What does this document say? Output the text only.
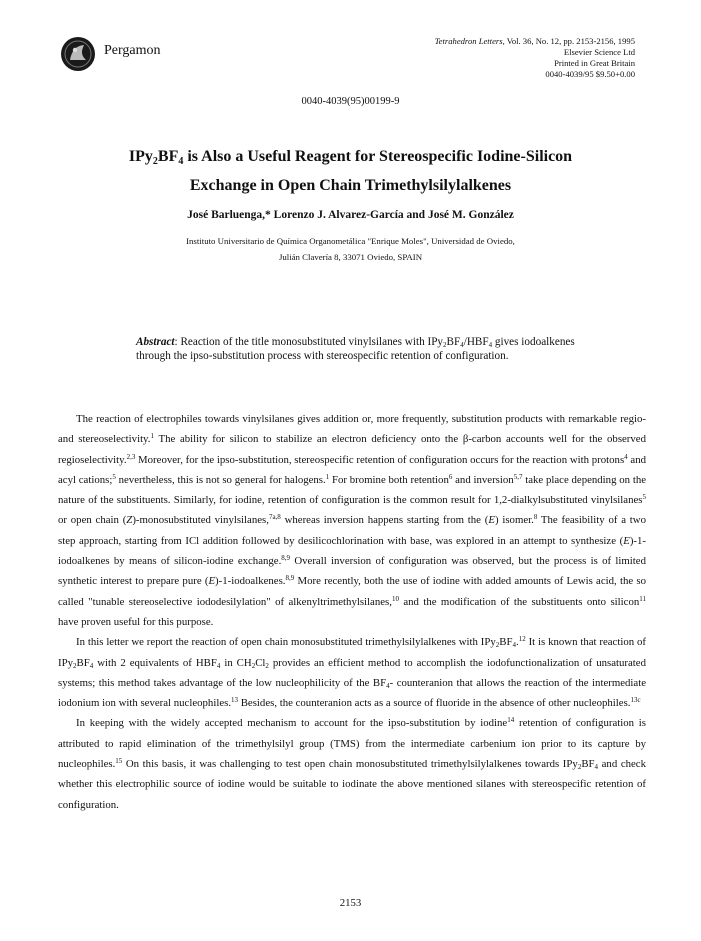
Pergamon
Tetrahedron Letters, Vol. 36, No. 12, pp. 2153-2156, 1995
Elsevier Science Ltd
Printed in Great Britain
0040-4039/95 $9.50+0.00
0040-4039(95)00199-9
$IPy_2BF_4$ is Also a Useful Reagent for Stereospecific Iodine-Silicon
Exchange in Open Chain Trimethylsilylalkenes
José Barluenga,* Lorenzo J. Alvarez-García and José M. González
Instituto Universitario de Química Organometálica "Enrique Moles", Universidad de Oviedo,
Julián Clavería 8, 33071 Oviedo, SPAIN
Abstract: Reaction of the title monosubstituted vinylsilanes with $IPy_2BF_4/HBF_4$ gives iodoalkenes through the ipso-substitution process with stereospecific retention of configuration.

The reaction of electrophiles towards vinylsilanes gives addition or, more frequently, substitution products with remarkable regio- and stereoselectivity.$^1$ The ability for silicon to stabilize an electron deficiency onto the β-carbon accounts well for the observed regioselectivity.$^{2,3}$ Moreover, for the ipso-substitution, stereospecific retention of configuration occurs for the reaction with protons$^4$ and acyl cations;$^5$ nevertheless, this is not so general for halogens.$^1$ For bromine both retention$^6$ and inversion$^{5,7}$ take place depending on the nature of the substituents. Similarly, for iodine, retention of configuration is the common result for 1,2-dialkylsubstituted vinylsilanes$^5$ or open chain (Z)-monosubstituted vinylsilanes,$^{7a,8}$ whereas inversion happens starting from the (E) isomer.$^8$ The feasibility of a two step approach, starting from ICl addition followed by desilicochlorination with base, was explored in an attempt to synthesize (E)-1-iodoalkenes by means of silicon-iodine exchange.$^{8,9}$ Overall inversion of configuration was observed, but the process is of limited synthetic interest to prepare pure (E)-1-iodoalkenes.$^{8,9}$ More recently, both the use of iodine with added amounts of Lewis acid, the so called "tunable stereoselective iododesilylation" of alkenyltrimethylsilanes,$^{10}$ and the modification of the substituents onto silicon$^{11}$ have proven useful for this purpose.

In this letter we report the reaction of open chain monosubstituted trimethylsilylalkenes with $IPy_2BF_4.^{12}$ It is known that reaction of $IPy_2BF_4$ with 2 equivalents of $HBF_4$ in $CH_2Cl_2$ provides an efficient method to accomplish the iodofunctionalization of unsaturated systems; this method takes advantage of the low nucleophilicity of the $BF_4-$ counteranion that allows the reaction of the intermediate iodonium ion with several nucleophiles.$^{13}$ Besides, the counteranion acts as a source of fluoride in the absence of other nucleophiles.$^{13c}$

In keeping with the widely accepted mechanism to account for the ipso-substitution by iodine$^{14}$ retention of configuration is attributed to rapid elimination of the trimethylsilyl group (TMS) from the intermediate carbenium ion prior to its capture by nucleophiles.$^{15}$ On this basis, it was challenging to test open chain monosubstituted trimethylsilylalkenes towards $IPy_2BF_4$ and check whether this electrophilic source of iodine would be suitable to iodinate the above mentioned silanes with stereospecific retention of configuration.

2153
